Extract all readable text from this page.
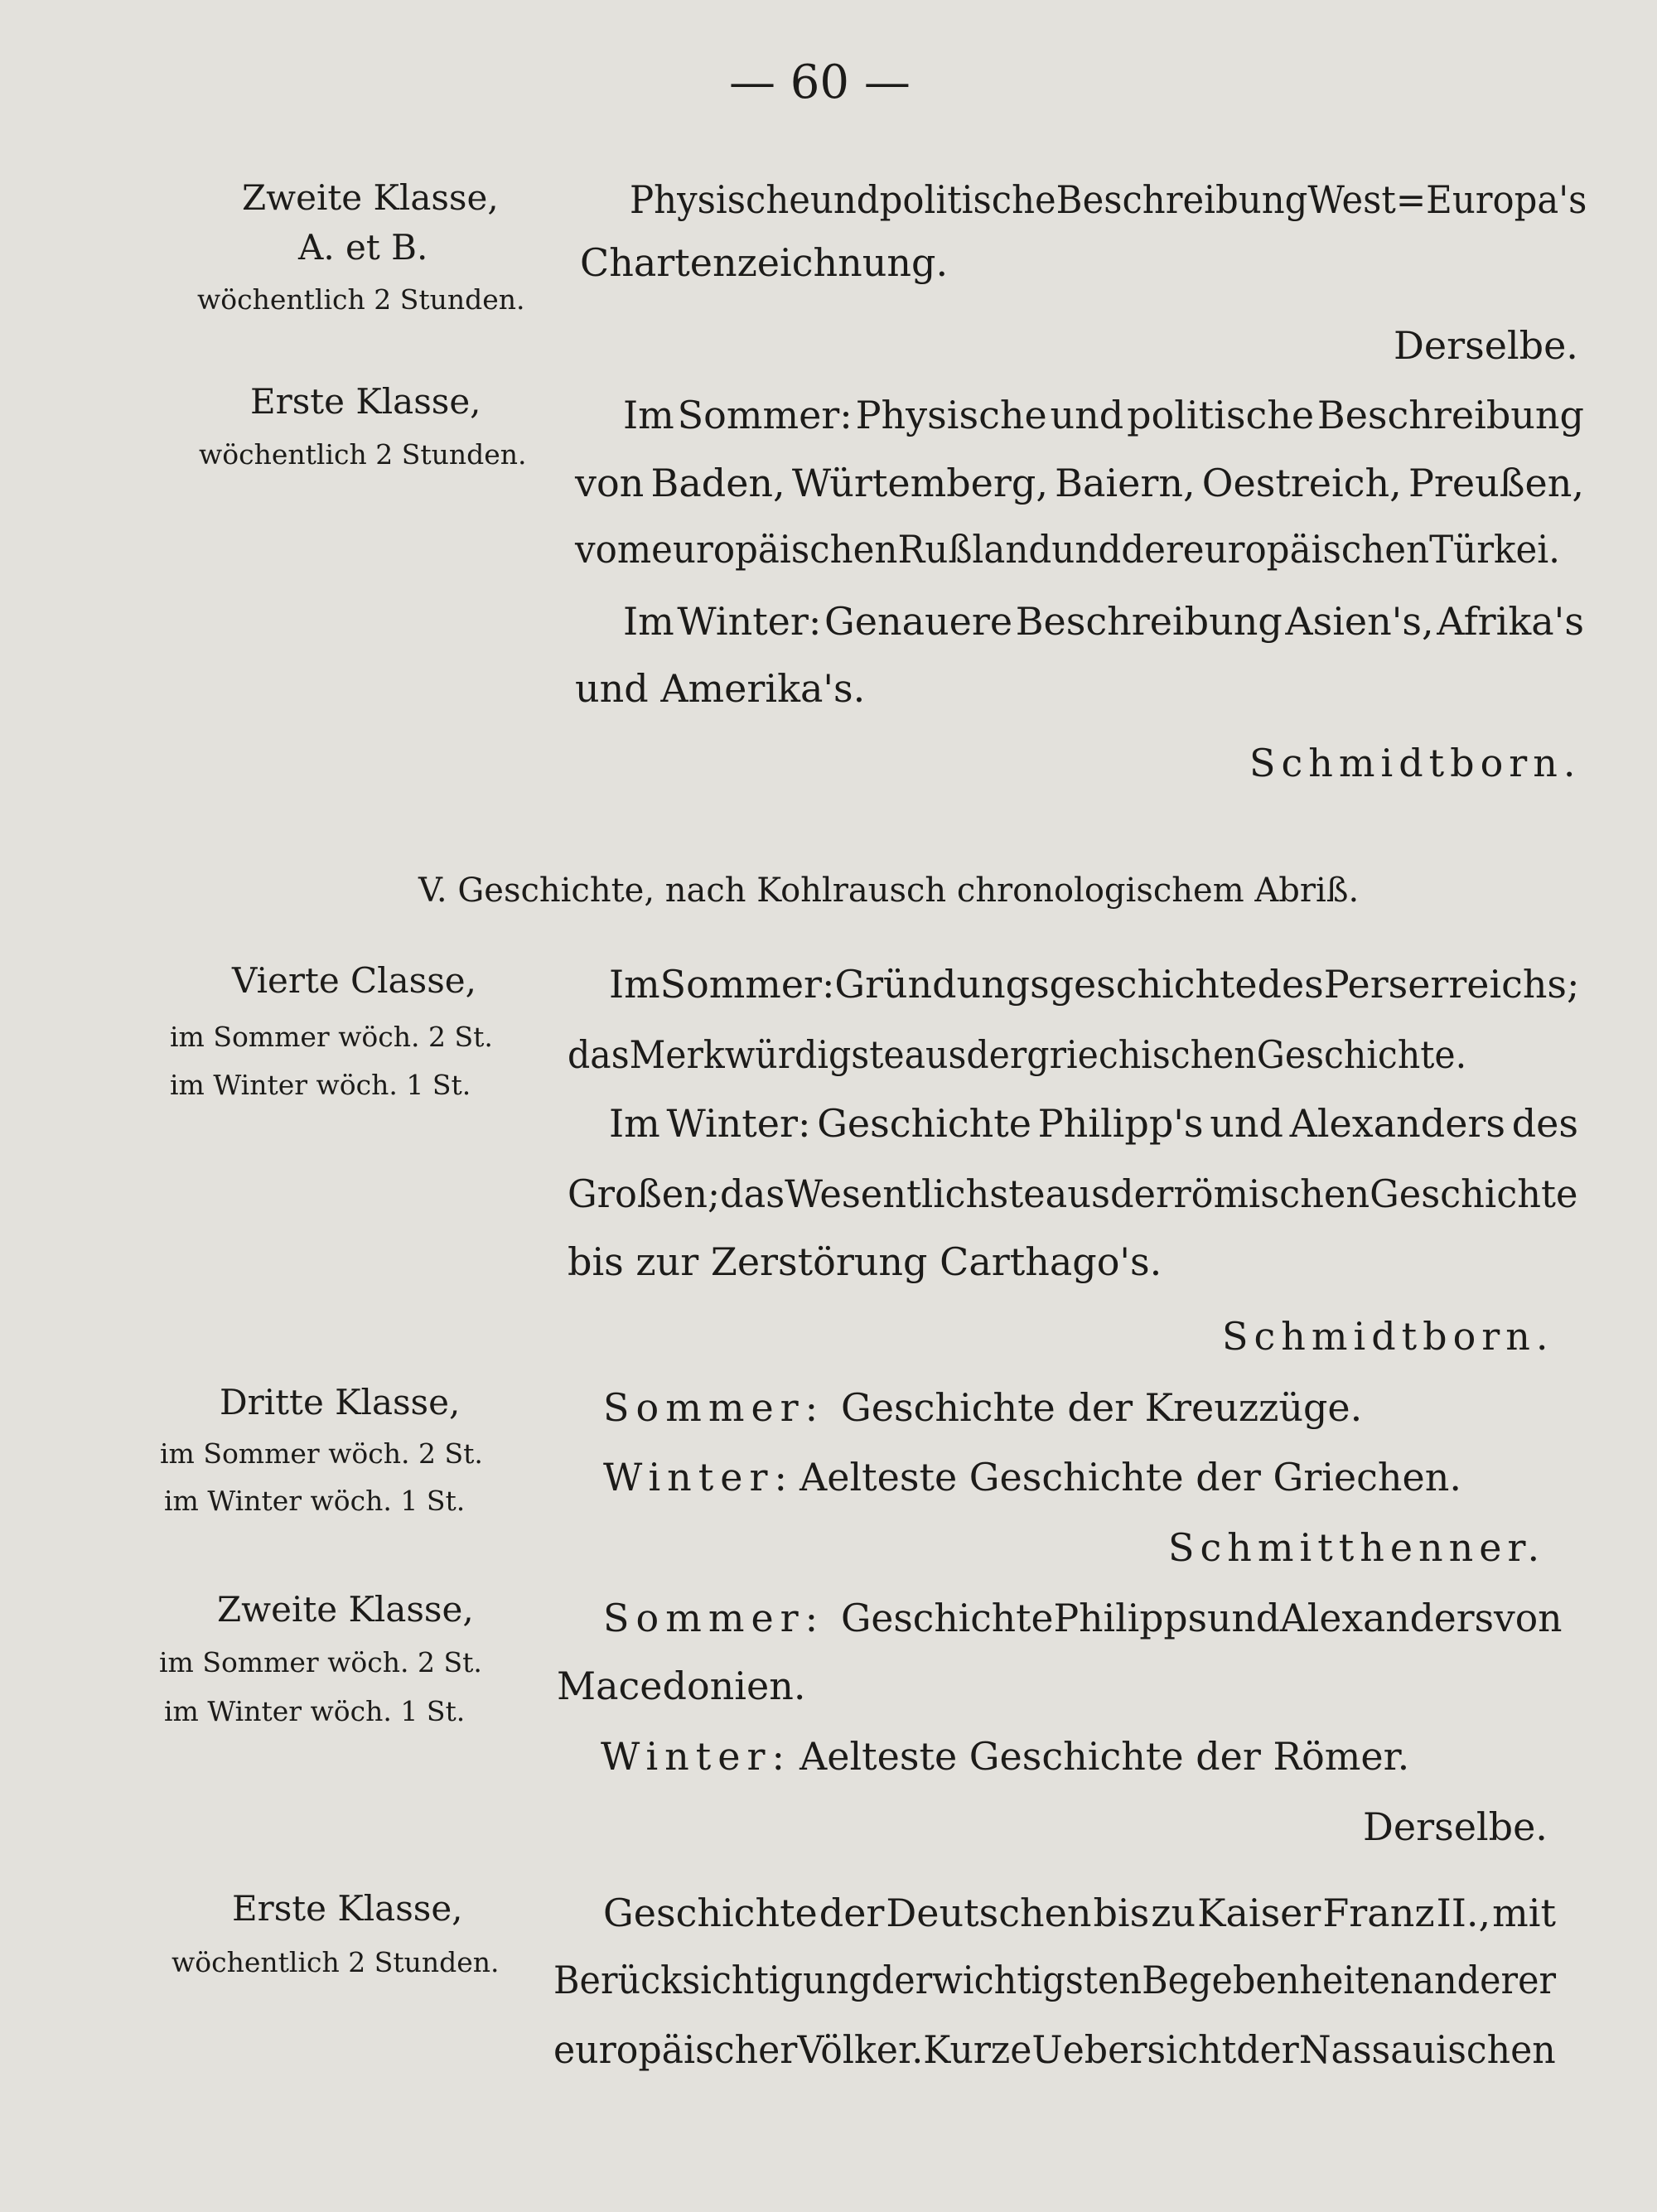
— 60 —
Zweite Klasse,
A. et B.
wöchentlich 2 Stunden.
Physische und politische Beschreibung West=Europa's
Chartenzeichnung.
Derselbe.
Erste Klasse,
wöchentlich 2 Stunden.
Im Sommer: Physische und politische Beschreibung
von Baden, Würtemberg, Baiern, Oestreich, Preußen,
vom europäischen Rußland und der europäischen Türkei.
Im Winter: Genauere Beschreibung Asien's, Afrika's
und Amerika's.
Schmidtborn.
V. Geschichte, nach Kohlrausch chronologischem Abriß.
Vierte Classe,
im Sommer wöch. 2 St.
im Winter wöch. 1 St.
Im Sommer: Gründungsgeschichte des Perserreichs;
das Merkwürdigste aus der griechischen Geschichte.
Im Winter: Geschichte Philipp's und Alexanders des
Großen; das Wesentlichste aus der römischen Geschichte
bis zur Zerstörung Carthago's.
Schmidtborn.
Dritte Klasse,
im Sommer wöch. 2 St.
im Winter wöch. 1 St.
Sommer: Geschichte der Kreuzzüge.
Winter: Aelteste Geschichte der Griechen.
Schmitthenner.
Zweite Klasse,
im Sommer wöch. 2 St.
im Winter wöch. 1 St.
Sommer: Geschichte Philipps und Alexanders von
Macedonien.
Winter: Aelteste Geschichte der Römer.
Derselbe.
Erste Klasse,
wöchentlich 2 Stunden.
Geschichte der Deutschen bis zu Kaiser Franz II., mit
Berücksichtigung der wichtigsten Begebenheiten anderer
europäischer Völker. Kurze Uebersicht der Nassauischen
